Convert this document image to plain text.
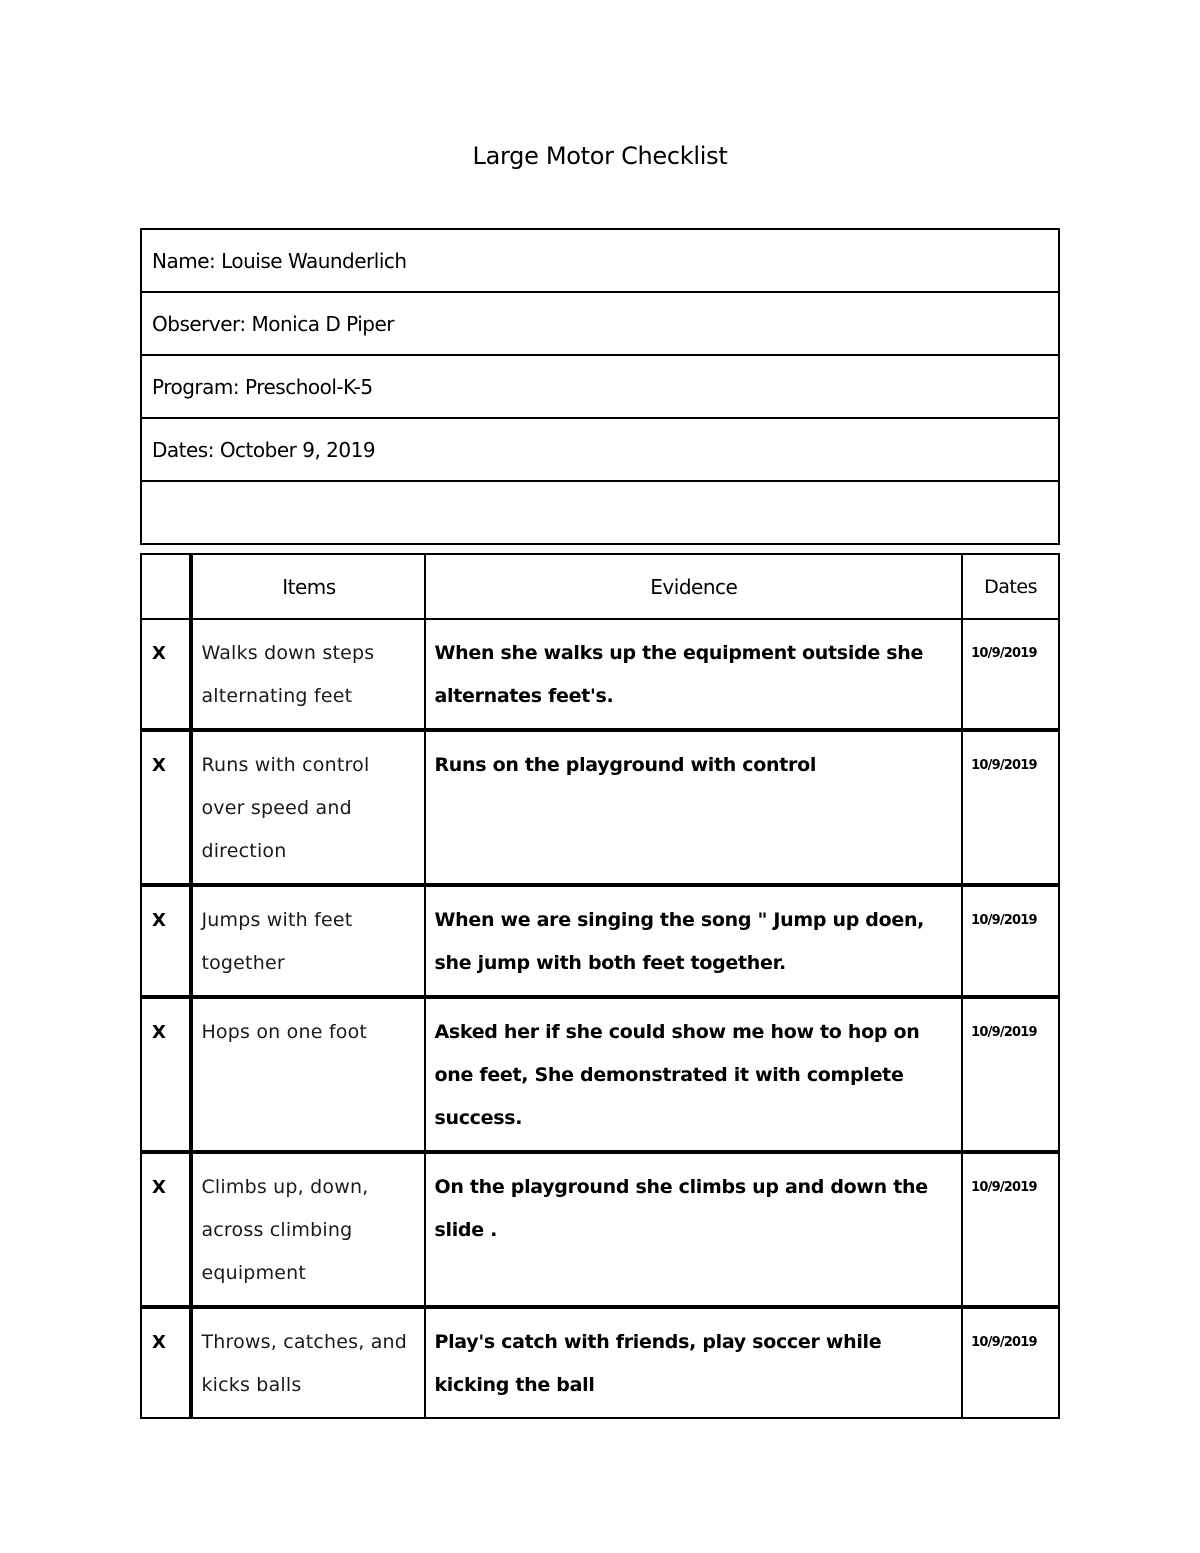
Large Motor Checklist
Name: Louise Waunderlich
Observer: Monica D Piper
Program: Preschool-K-5
Dates: October 9, 2019

	Items	Evidence	Dates
X	Walks down steps alternating feet	When she walks up the equipment outside she alternates feet's.	10/9/2019
X	Runs with control over speed and direction	Runs on the playground with control	10/9/2019
X	Jumps with feet together	When we are singing the song " Jump up doen, she jump with both feet together.	10/9/2019
X	Hops on one foot	Asked her if she could show me how to hop on one feet, She demonstrated it with complete success.	10/9/2019
X	Climbs up, down, across climbing equipment	On the playground she climbs up and down the slide .	10/9/2019
X	Throws, catches, and kicks balls	Play's catch with friends, play soccer while kicking the ball	10/9/2019
